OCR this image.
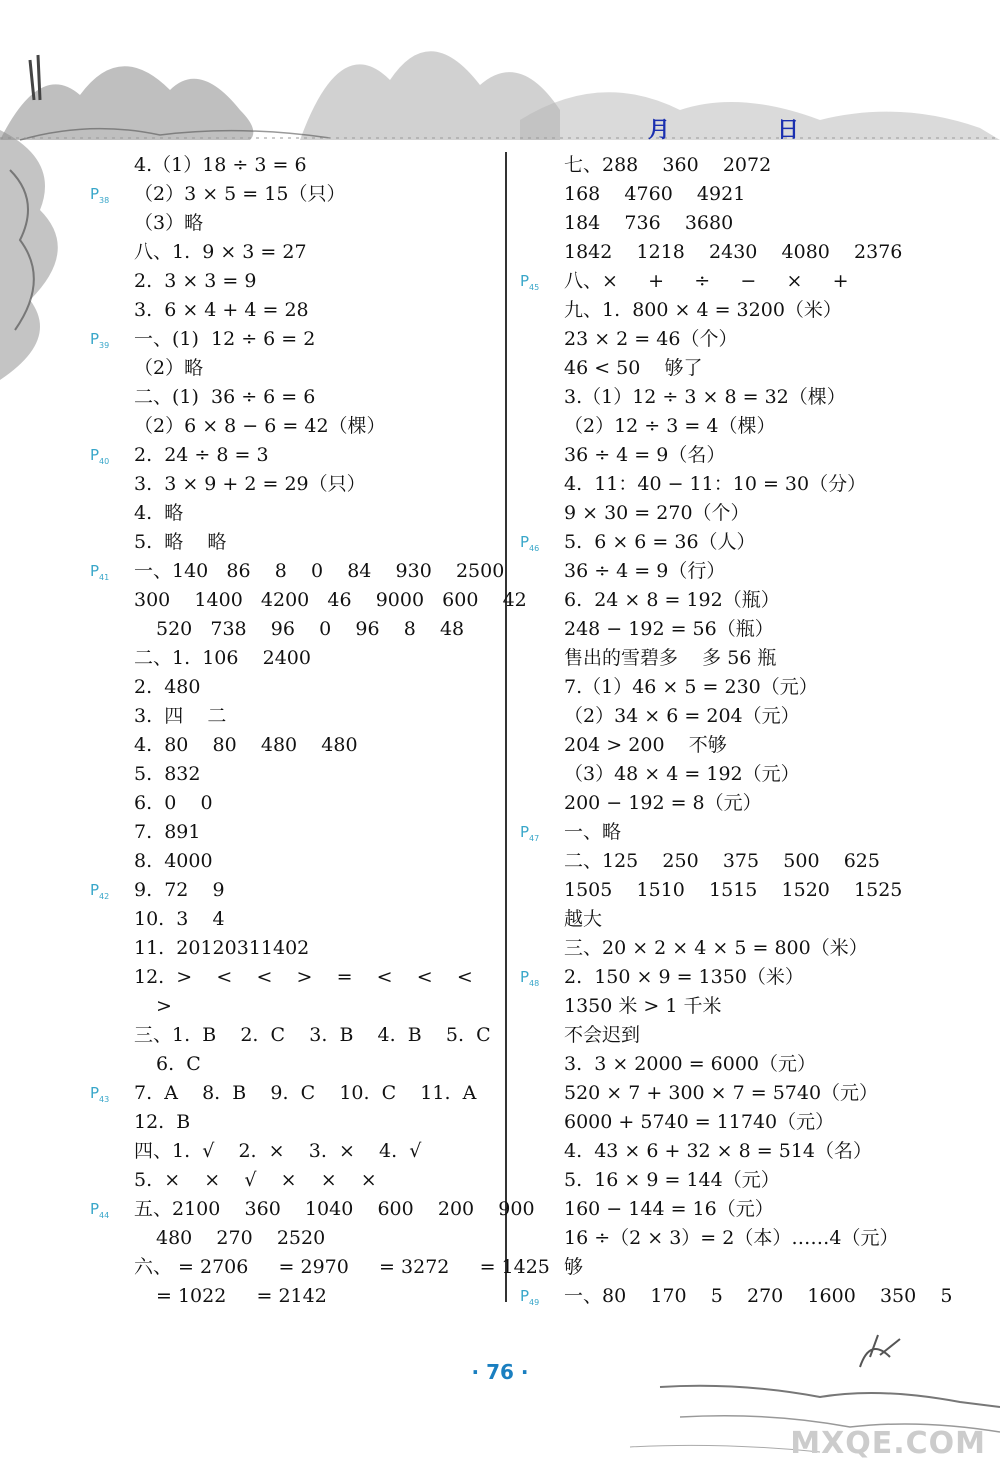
月	日
4.（1）18 ÷ 3 = 6
$P_{38}$ （2）3 × 5 = 15（只）
（3）略
八、1.  9 × 3 = 27
2.  3 × 3 = 9
3.  6 × 4 + 4 = 28
$P_{39}$ 一、(1)  12 ÷ 6 = 2
（2）略
二、(1)  36 ÷ 6 = 6
（2）6 × 8 − 6 = 42（棵）
$P_{40}$ 2.  24 ÷ 8 = 3
3.  3 × 9 + 2 = 29（只）
4.  略
5.  略    略
$P_{41}$ 一、140   86    8    0    84    930    2500
300    1400   4200   46    9000   600    42
520   738    96    0    96    8    48
二、1.  106    2400
2.  480
3.  四    二
4.  80    80    480    480
5.  832
6.  0    0
7.  891
8.  4000
$P_{42}$ 9.  72    9
10.  3    4
11.  20120311402
12.  >    <    <    >    =    <    <    <
>
三、1.  B    2.  C    3.  B    4.  B    5.  C
6.  C
$P_{43}$ 7.  A    8.  B    9.  C    10.  C    11.  A
12.  B
四、1.  √    2.  ×    3.  ×    4.  √
5.  ×    ×    √    ×    ×    ×
$P_{44}$ 五、2100    360    1040    600    200    900
480    270    2520
六、 = 2706     = 2970     = 3272     = 1425
= 1022     = 2142
七、288    360    2072
168    4760    4921
184    736    3680
1842    1218    2430    4080    2376
$P_{45}$ 八、×     +     ÷     −     ×     +
九、1.  800 × 4 = 3200（米）
23 × 2 = 46（个）
46 < 50    够了
3.（1）12 ÷ 3 × 8 = 32（棵）
（2）12 ÷ 3 = 4（棵）
36 ÷ 4 = 9（名）
4.  11：40 − 11：10 = 30（分）
9 × 30 = 270（个）
$P_{46}$ 5.  6 × 6 = 36（人）
36 ÷ 4 = 9（行）
6.  24 × 8 = 192（瓶）
248 − 192 = 56（瓶）
售出的雪碧多    多 56 瓶
7.（1）46 × 5 = 230（元）
（2）34 × 6 = 204（元）
204 > 200    不够
（3）48 × 4 = 192（元）
200 − 192 = 8（元）
$P_{47}$ 一、略
二、125    250    375    500    625
1505    1510    1515    1520    1525
越大
三、20 × 2 × 4 × 5 = 800（米）
$P_{48}$ 2.  150 × 9 = 1350（米）
1350 米 > 1 千米
不会迟到
3.  3 × 2000 = 6000（元）
520 × 7 + 300 × 7 = 5740（元）
6000 + 5740 = 11740（元）
4.  43 × 6 + 32 × 8 = 514（名）
5.  16 × 9 = 144（元）
160 − 144 = 16（元）
16 ÷（2 × 3）= 2（本）……4（元）
够
$P_{49}$ 一、80    170    5    270    1600    350    5
· 76 ·
MXQE.COM
